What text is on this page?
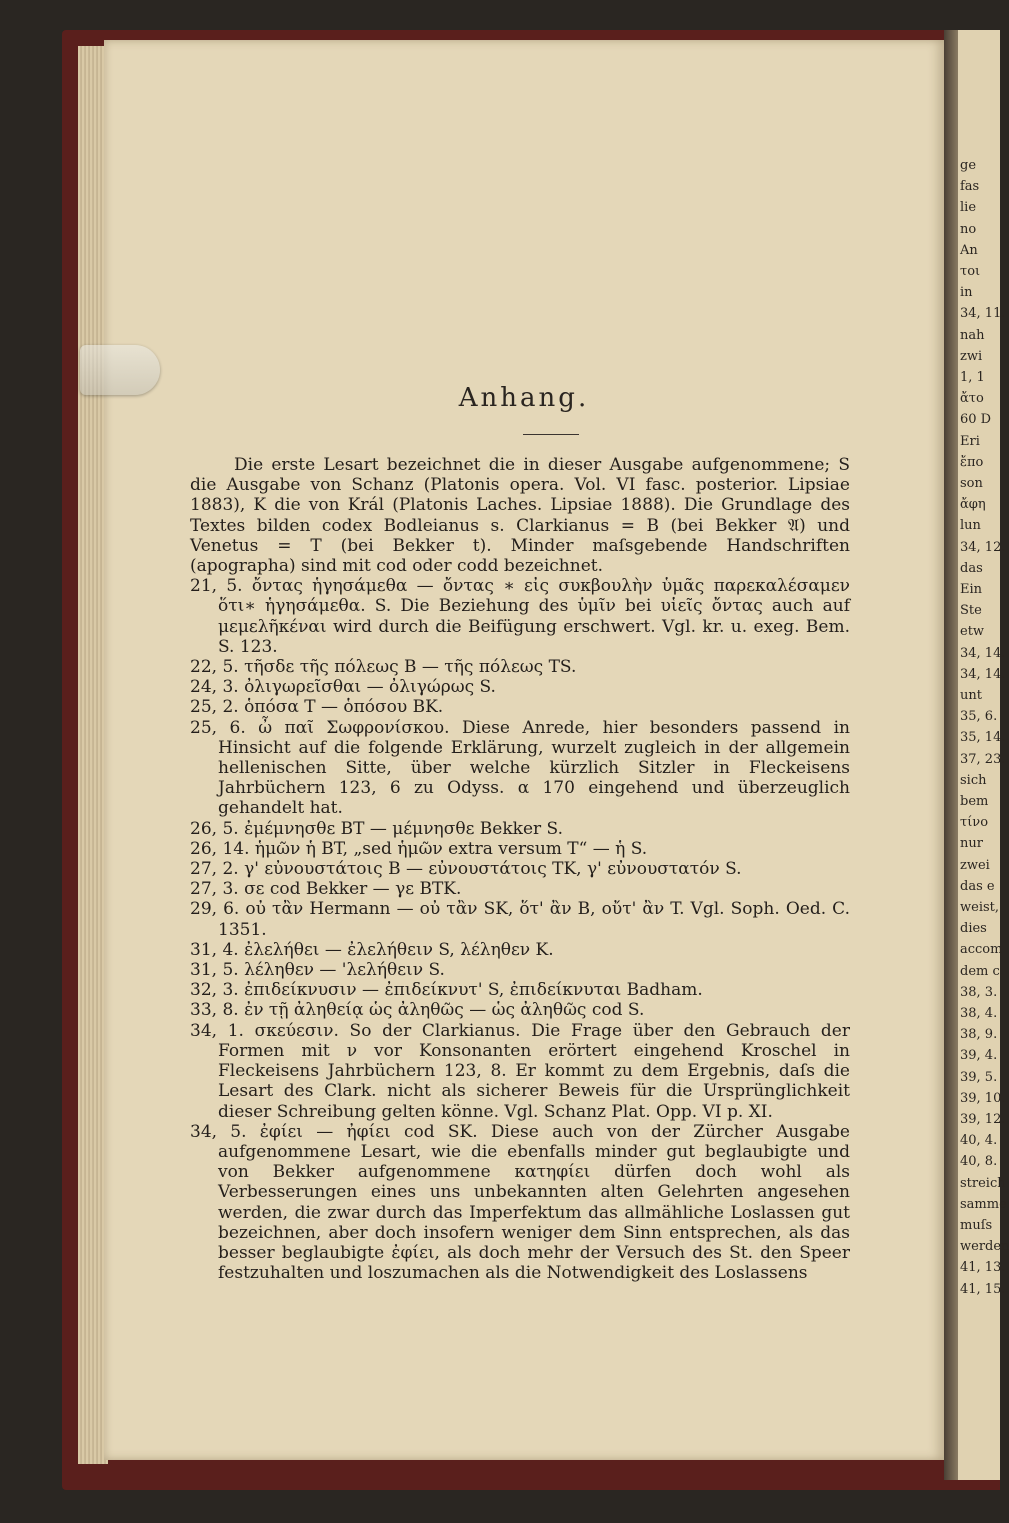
ge
fas
lie
no
An
τοι
in
34, 11.
nah
zwi
1, 1
ἄτο
60 D
Eri
ἔπο
son
ἄφη
lun
34, 12.
das
Ein
Ste
etw
34, 14.
34, 14.
unt
35, 6.
35, 14.
37, 23.
sich
bem
τίνο
nur
zwei
das e
weist,
dies
accom
dem c
38, 3.
38, 4.
38, 9.
39, 4.
39, 5.
39, 10.
39, 12.
40, 4.
40, 8.
streich
samme
muſs
werden
41, 13.
41, 15.
Anhang.

Die erste Lesart bezeichnet die in dieser Ausgabe aufgenommene; S die Ausgabe von Schanz (Platonis opera. Vol. VI fasc. posterior. Lipsiae 1883), K die von Král (Platonis Laches. Lipsiae 1888). Die Grundlage des Textes bilden codex Bodleianus s. Clarkianus = B (bei Bekker 𝔄) und Venetus = T (bei Bekker t). Minder maſsgebende Handschriften (apographa) sind mit cod oder codd bezeichnet.

21, 5. ὄντας ἡγησάμεθα — ὄντας ∗ εἰς συκβουλὴν ὑμᾶς παρεκαλέσαμεν ὅτι∗ ἡγησάμεθα. S. Die Beziehung des ὑμῖν bei υἱεῖς ὄντας auch auf μεμελῆκέναι wird durch die Beifügung erschwert. Vgl. kr. u. exeg. Bem. S. 123.

22, 5. τῆσδε τῆς πόλεως B — τῆς πόλεως TS.

24, 3. ὀλιγωρεῖσθαι — ὀλιγώρως S.

25, 2. ὁπόσα T — ὁπόσου BK.

25, 6. ὦ παῖ Σωφρονίσκου. Diese Anrede, hier besonders passend in Hinsicht auf die folgende Erklärung, wurzelt zugleich in der allgemein hellenischen Sitte, über welche kürzlich Sitzler in Fleckeisens Jahrbüchern 123, 6 zu Odyss. α 170 eingehend und überzeuglich gehandelt hat.

26, 5. ἐμέμνησθε BT — μέμνησθε Bekker S.

26, 14. ἡμῶν ἡ BT, „sed ἡμῶν extra versum T“ — ἡ S.

27, 2. γ' εὐνουστάτοις B — εὐνουστάτοις TK, γ' εὐνουστατόν S.

27, 3. σε cod Bekker — γε BTK.

29, 6. οὐ τἂν Hermann — οὐ τἂν SK, ὅτ' ἂν B, οὔτ' ἂν T. Vgl. Soph. Oed. C. 1351.

31, 4. ἐλελήθει — ἐλελήθειν S, λέληθεν K.

31, 5. λέληθεν — 'λελήθειν S.

32, 3. ἐπιδείκνυσιν — ἐπιδείκνυτ' S, ἐπιδείκνυται Badham.

33, 8. ἐν τῇ ἀληθείᾳ ὡς ἀληθῶς — ὡς ἀληθῶς cod S.

34, 1. σκεύεσιν. So der Clarkianus. Die Frage über den Gebrauch der Formen mit ν vor Konsonanten erörtert eingehend Kroschel in Fleckeisens Jahrbüchern 123, 8. Er kommt zu dem Ergebnis, daſs die Lesart des Clark. nicht als sicherer Beweis für die Ursprünglichkeit dieser Schreibung gelten könne. Vgl. Schanz Plat. Opp. VI p. XI.

34, 5. ἐφίει — ἠφίει cod SK. Diese auch von der Zürcher Ausgabe aufgenommene Lesart, wie die ebenfalls minder gut beglaubigte und von Bekker aufgenommene κατηφίει dürfen doch wohl als Verbesserungen eines uns unbekannten alten Gelehrten angesehen werden, die zwar durch das Imperfektum das allmähliche Loslassen gut bezeichnen, aber doch insofern weniger dem Sinn entsprechen, als das besser beglaubigte ἐφίει, als doch mehr der Versuch des St. den Speer festzuhalten und loszumachen als die Notwendigkeit des Loslassens
